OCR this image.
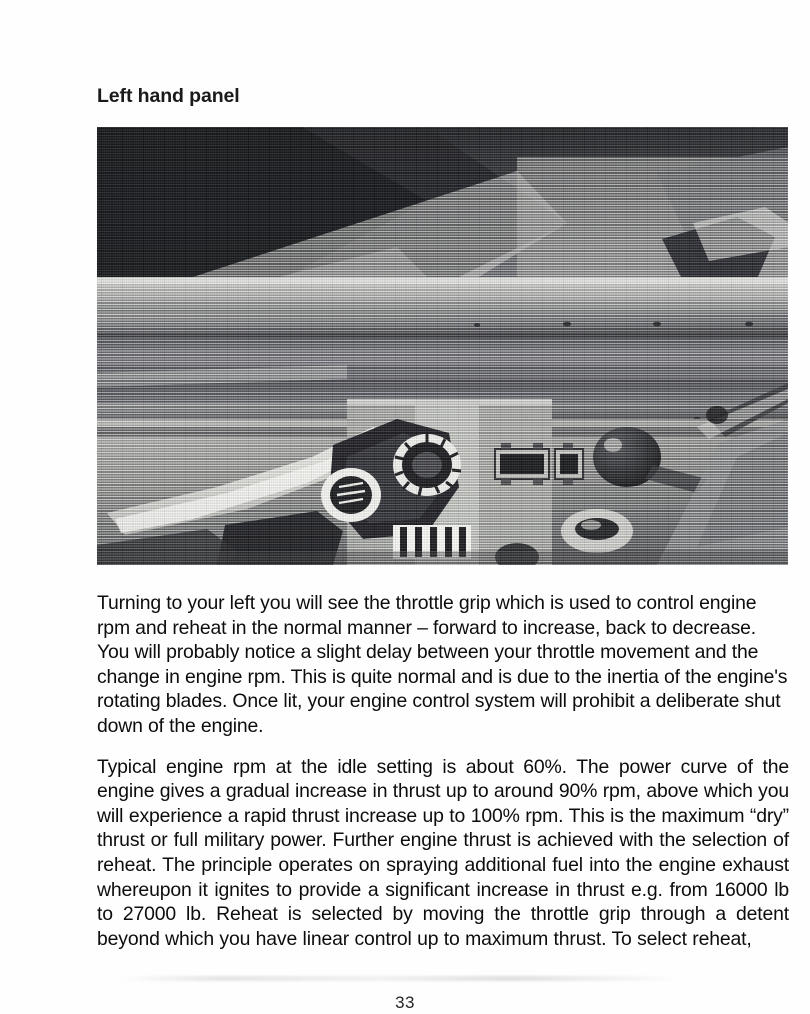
Left hand panel

Turning to your left you will see the throttle grip which is used to control engine rpm and reheat in the normal manner – forward to increase, back to decrease. You will probably notice a slight delay between your throttle movement and the change in engine rpm. This is quite normal and is due to the inertia of the engine's rotating blades. Once lit, your engine control system will prohibit a deliberate shut down of the engine.

Typical engine rpm at the idle setting is about 60%. The power curve of the engine gives a gradual increase in thrust up to around 90% rpm, above which you will experience a rapid thrust increase up to 100% rpm. This is the maximum “dry” thrust or full military power. Further engine thrust is achieved with the selection of reheat. The principle operates on spraying additional fuel into the engine exhaust whereupon it ignites to provide a significant increase in thrust e.g. from 16000 lb to 27000 lb. Reheat is selected by moving the throttle grip through a detent beyond which you have linear control up to maximum thrust. To select reheat,

33
